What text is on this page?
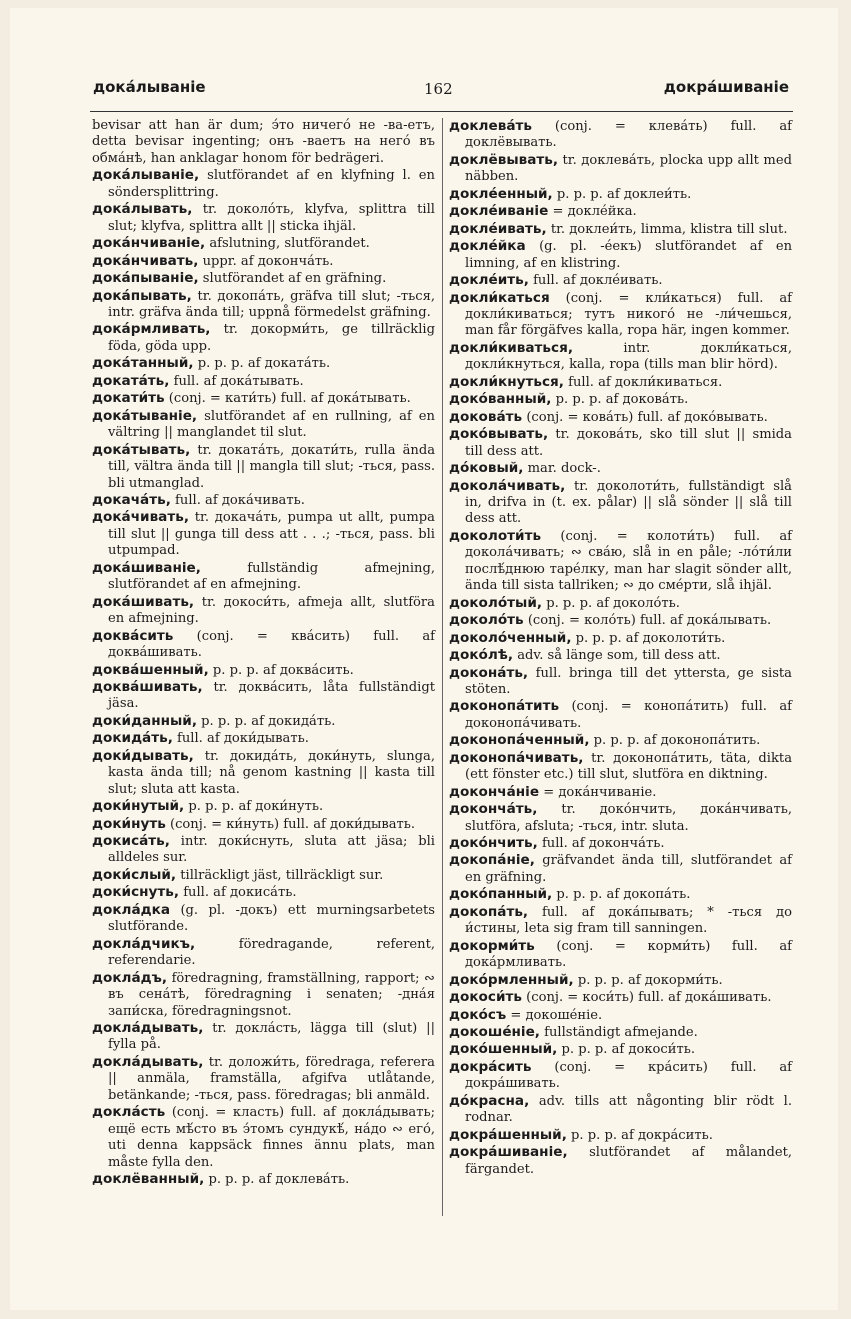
докáлываніе	162	докрáшиваніе

bevisar att han är dum; э́то ничегó не -ва-етъ, detta bevisar ingenting; онъ -ваетъ на негó въ обмáнѣ, han anklagar honom för bedrägeri.

докáлываніе, slutförandet af en klyfning l. en söndersplittring.

докáлывать, tr. доколóть, klyfva, splittra till slut; klyfva, splittra allt || sticka ihjäl.

докáнчиваніе, afslutning, slutförandet.

докáнчивать, uppr. af докончáть.

докáпываніе, slutförandet af en gräfning.

докáпывать, tr. докопáть, gräfva till slut; -ться, intr. gräfva ända till; uppnå förmedelst gräfning.

докáрмливать, tr. докорми́ть, ge tillräcklig föda, göda upp.

докáтанный, p. p. p. af докатáть.

докатáть, full. af докáтывать.

докати́ть (conj. = кати́ть) full. af докáтывать.

докáтываніе, slutförandet af en rullning, af en vältring || manglandet til slut.

докáтывать, tr. докатáть, докати́ть, rulla ända till, vältra ända till || mangla till slut; -ться, pass. bli utmanglad.

докачáть, full. af докáчивать.

докáчивать, tr. докачáть, pumpa ut allt, pumpa till slut || gunga till dess att . . .; -ться, pass. bli utpumpad.

докáшиваніе,	fullständig afmejning, slutförandet af en afmejning.

докáшивать, tr. докоси́ть, afmeja allt, slutföra en afmejning.

доквáсить (conj. = квáсить) full. af доквáшивать.

доквáшенный, p. p. p. af доквáсить.

доквáшивать, tr. доквáсить, låta fullständigt jäsa.

доки́данный, p. p. p. af докидáть.

докидáть, full. af доки́дывать.

доки́дывать, tr. докидáть, доки́нуть, slunga, kasta ända till; nå genom kastning || kasta till slut; sluta att kasta.

доки́нутый, p. p. p. af доки́нуть.

доки́нуть (conj. = ки́нуть) full. af доки́дывать.

докисáть, intr. доки́снуть, sluta att jäsa; bli alldeles sur.

доки́слый, tillräckligt jäst, tillräckligt sur.

доки́снуть, full. af докисáть.

доклáдка (g. pl. -докъ) ett murningsarbetets slutförande.

доклáдчикъ,	föredragande, referent, referendarie.

доклáдъ, föredragning, framställning, rapport; ∾ въ сенáтѣ, föredragning i senaten; -днáя запи́ска, föredragningsnot.

доклáдывать, tr. доклáсть, lägga till (slut) || fylla på.

доклáдывать, tr. доложи́ть, föredraga, referera || anmäla, framställa, afgifva utlåtande, betänkande; -ться, pass. föredragas; bli anmäld.

доклáсть (conj. = класть) full. af доклáдывать; ещё есть мѣ́сто въ э́томъ сундукѣ́, нáдо ∾ его́, uti denna kappsäck finnes ännu plats, man måste fylla den.

доклёванный, p. p. p. af доклевáть.

доклевáть (conj. = клевáть) full. af доклёвывать.

доклёвывать, tr. доклевáть, plocka upp allt med näbben.

доклéенный, p. p. p. af доклеи́ть.

доклéиваніе = доклéйка.

доклéивать, tr. доклеи́ть, limma, klistra till slut.

доклéйка (g. pl. -éекъ) slutförandet af en limning, af en klistring.

доклéить, full. af доклéивать.

докли́каться (conj. = кли́каться) full. af докли́киваться; тутъ никогó не -ли́чешься, man får förgäfves kalla, ropa här, ingen kommer.

докли́киваться,	intr. докли́каться, докли́кнуться, kalla, ropa (tills man blir hörd).

докли́кнуться, full. af докли́киваться.

докóванный, p. p. p. af доковáть.

доковáть (conj. = ковáть) full. af докóвывать.

докóвывать, tr. доковáть, sko till slut || smida till dess att.

дóковый, mar. dock-.

доколáчивать, tr. доколоти́ть, fullständigt slå in, drifva in (t. ex. pålar) || slå sönder || slå till dess att.

доколоти́ть (conj. = колоти́ть) full. af доколáчивать; ∾ свáю, slå in en påle; -лóти́ли послѣ́днюю тарéлку, man har slagit sönder allt, ända till sista tallriken; ∾ до смéрти, slå ihjäl.

доколóтый, p. p. p. af доколóть.

доколóть (conj. = колóть) full. af докáлывать.

доколóченный, p. p. p. af доколоти́ть.

докóлѣ, adv. så länge som, till dess att.

доконáть, full. bringa till det yttersta, ge sista stöten.

доконопáтить (conj. = конопáтить) full. af доконопáчивать.

доконопáченный, p. p. p. af доконопáтить.

доконопáчивать, tr. доконопáтить, täta, dikta (ett fönster etc.) till slut, slutföra en diktning.

докончáніе = докáнчиваніе.

докончáть, tr. докóнчить, докáнчивать, slutföra, afsluta; -ться, intr. sluta.

докóнчить, full. af докончáть.

докопáніе, gräfvandet ända till, slutförandet af en gräfning.

докóпанный, p. p. p. af докопáть.

докопáть, full. af докáпывать; * -ться до и́стины, leta sig fram till sanningen.

докорми́ть (conj. = корми́ть) full. af докáрмливать.

докóрмленный, p. p. p. af докорми́ть.

докоси́ть (conj. = коси́ть) full. af докáшивать.

докóсъ = докошéніе.

докошéніе, fullständigt afmejande.

докóшенный, p. p. p. af докоси́ть.

докрáсить (conj. = крáсить) full. af докрáшивать.

дóкрасна, adv. tills att någonting blir rödt l. rodnar.

докрáшенный, p. p. p. af докрáсить.

докрáшиваніе, slutförandet af målandet, färgandet.
